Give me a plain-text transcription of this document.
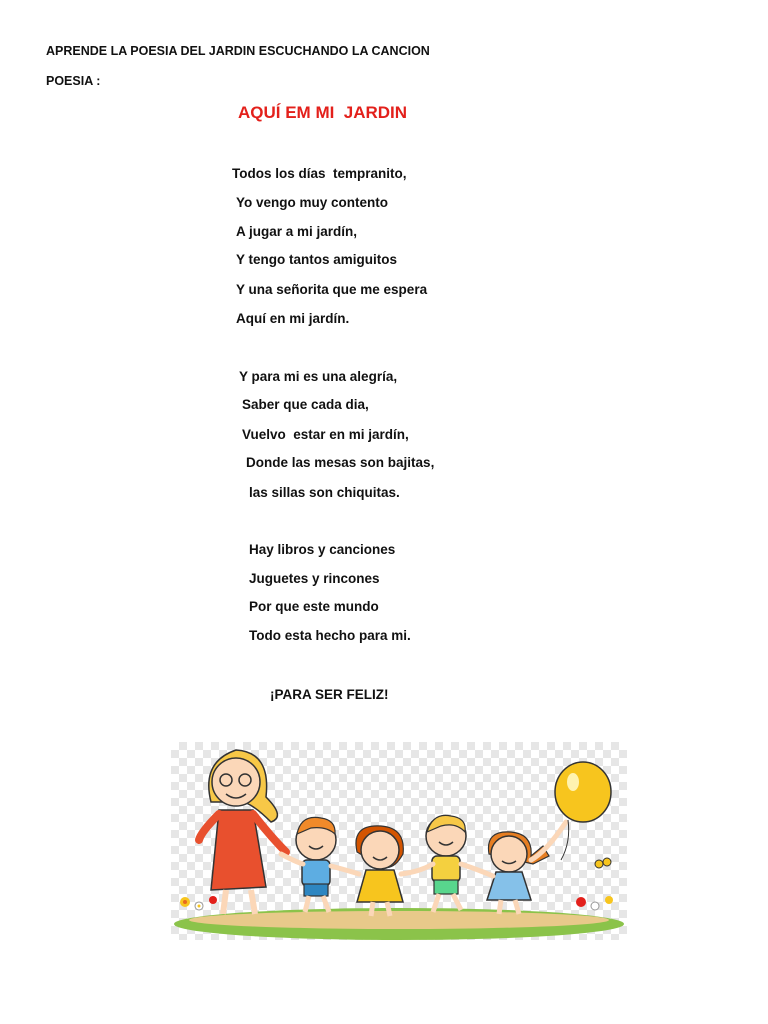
APRENDE LA POESIA DEL JARDIN ESCUCHANDO LA CANCION
POESIA :
AQUÍ EM MI  JARDIN
Todos los días  tempranito,
Yo vengo muy contento
A jugar a mi jardín,
Y tengo tantos amiguitos
Y una señorita que me espera
Aquí en mi jardín.
Y para mi es una alegría,
Saber que cada dia,
Vuelvo  estar en mi jardín,
Donde las mesas son bajitas,
las sillas son chiquitas.
Hay libros y canciones
Juguetes y rincones
Por que este mundo
Todo esta hecho para mi.
¡PARA SER FELIZ!
